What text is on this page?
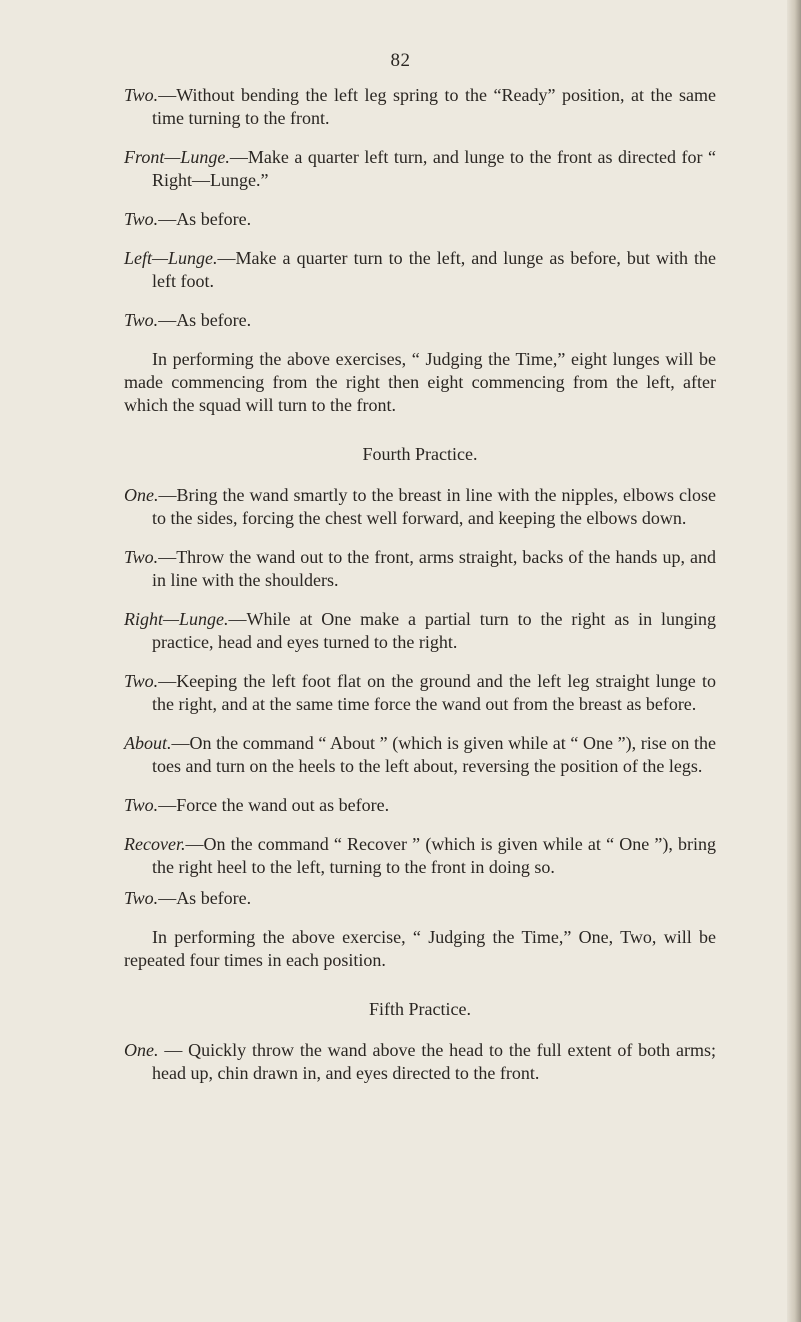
82

Two.—Without bending the left leg spring to the “Ready” position, at the same time turning to the front.

Front—Lunge.—Make a quarter left turn, and lunge to the front as directed for “ Right—Lunge.”

Two.—As before.

Left—Lunge.—Make a quarter turn to the left, and lunge as before, but with the left foot.

Two.—As before.

In performing the above exercises, “ Judging the Time,” eight lunges will be made commencing from the right then eight commencing from the left, after which the squad will turn to the front.

Fourth Practice.

One.—Bring the wand smartly to the breast in line with the nipples, elbows close to the sides, forcing the chest well forward, and keeping the elbows down.

Two.—Throw the wand out to the front, arms straight, backs of the hands up, and in line with the shoulders.

Right—Lunge.—While at One make a partial turn to the right as in lunging practice, head and eyes turned to the right.

Two.—Keeping the left foot flat on the ground and the left leg straight lunge to the right, and at the same time force the wand out from the breast as before.

About.—On the command “ About ” (which is given while at “ One ”), rise on the toes and turn on the heels to the left about, reversing the position of the legs.

Two.—Force the wand out as before.

Recover.—On the command “ Recover ” (which is given while at “ One ”), bring the right heel to the left, turning to the front in doing so.

Two.—As before.

In performing the above exercise, “ Judging the Time,” One, Two, will be repeated four times in each position.

Fifth Practice.

One. — Quickly throw the wand above the head to the full extent of both arms; head up, chin drawn in, and eyes directed to the front.
